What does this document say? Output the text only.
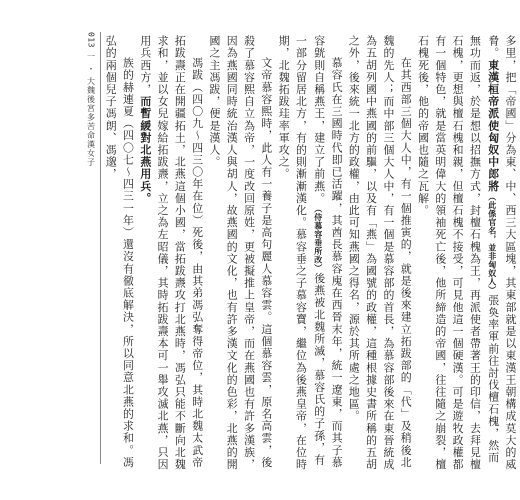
013
一 ・ 大魏後宮多苦命漢女子	多里，把「帝國」分為東、中、西三大區塊，其東部就是以東漢王朝構成莫大的威脅。東漢桓帝派使匈奴中郎將（此係官名，並非匈奴人）張奐率軍前往討伐檀石槐，然而無功而返，於是想以招撫方式，封檀石槐為王，再派使者帶著王的印信，去拜見檀石槐，更想與檀石槐和親，但檀石槐不接受，可見他這一個硬漢。可是遊牧政權都有一個特色，就是當英明偉大的領袖死亡後，他所締造的帝國，往往隨之崩裂，檀石槐死後，他的帝國也隨之瓦解。

在其西部三個大人中，有一個推寅的，就是後來建立拓跋部的「代」及稍後北魏的先人；而中部三個大人中，有一個是慕容部的首長，為慕容部後來在東晉統成為五胡列國中燕國的前驅，以及有「燕」為國號的政權，這種根據史書所稱的五胡之外，後來統一北方的政權，由此可知燕國之得名，源於其所處之地區。

慕容氏在三國時代即已活躍，其酋長慕容廆在西晉末年，統一遼東，而其子慕容皝則自稱燕王，建立了前燕。（侍慕容垂所改）後燕被北魏所滅，慕容氏的子孫，有一部分留居北方，有的則漸漸漢化。慕容垂之子慕容寶，繼位為後燕皇帝，在位時期，北魏拓跋珪率軍攻之。

文帝慕容熙時，此人有一養子是高句麗人慕容雲。這個慕容雲，原名高雲，後殺了慕容熙自立為帝，一度改回原姓，更被擬推上皇帝，而在燕國也有許多漢族，因為燕國同時統治漢人與胡人，故燕國的文化，也有許多漢文化的色彩，北燕的開國之主馮跋，便是漢人。

馮跋（四〇九～四三〇年在位）死後，由其弟馮弘奪得帝位，其時北魏太武帝拓跋燾正在開疆拓土，北燕這個小國，當拓跋燾攻打北燕時，馮弘只能不斷向北魏求和，並以女兒嫁給拓跋燾，立之為左昭儀，其時拓跋燾本可一舉攻滅北燕，只因用兵西方，而暫緩對北燕用兵。

族的赫連夏（四〇七～四三一年）還沒有徹底解決，所以同意北燕的求和。馮弘的兩個兒子馮朗、馮邈，
